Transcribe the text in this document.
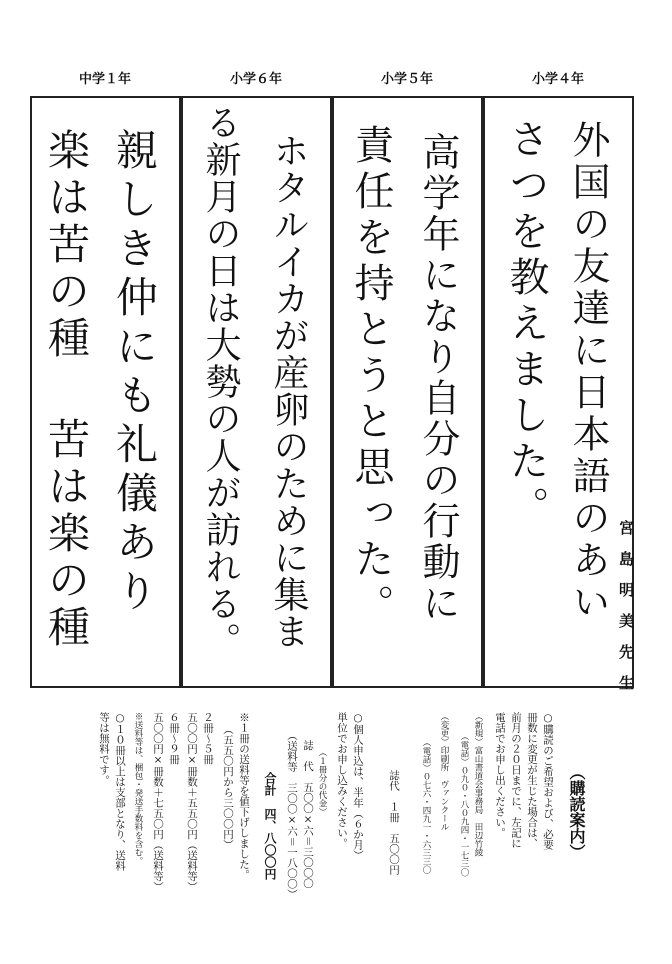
中学１年	小学６年	小学５年	小学４年
外国の友達に日本語のあい
さつを教えました。
高学年になり自分の行動に
責任を持とうと思った。
ホタルイカが産卵のために集ま
る新月の日は大勢の人が訪れる。
親しき仲にも礼儀あり
楽は苦の種 苦は楽の種	宮島明美先生
（購読案内）
○購読のご希望および、必要
冊数に変更が生じた場合は、
前月の２０日までに、左記に
電話でお申し出ください。
（新規）富山書道会事務局　田辺竹綾
（電話）０九０・八０九四・一七三〇
（変更）印刷所　ヴァンクール
（電話）０七六・四九一・六三三〇
誌代　１冊　五〇〇円
○個人申込は、半年（６か月）
単位でお申し込みください。
（１冊分の代金）
誌　代　五〇〇×六＝三〇〇〇
（送料等　三〇〇×六＝一八〇〇）
合計　四、八〇〇円
※１冊の送料等を値下げしました。
（五五〇円から三〇〇円）
２冊～５冊
五〇〇円×冊数＋五五〇円（送料等）
６冊～９冊
五〇〇円×冊数＋七五〇円（送料等）
※送料等は、梱包・発送手数料を含む。
○１０冊以上は支部となり、送料
等は無料です。
